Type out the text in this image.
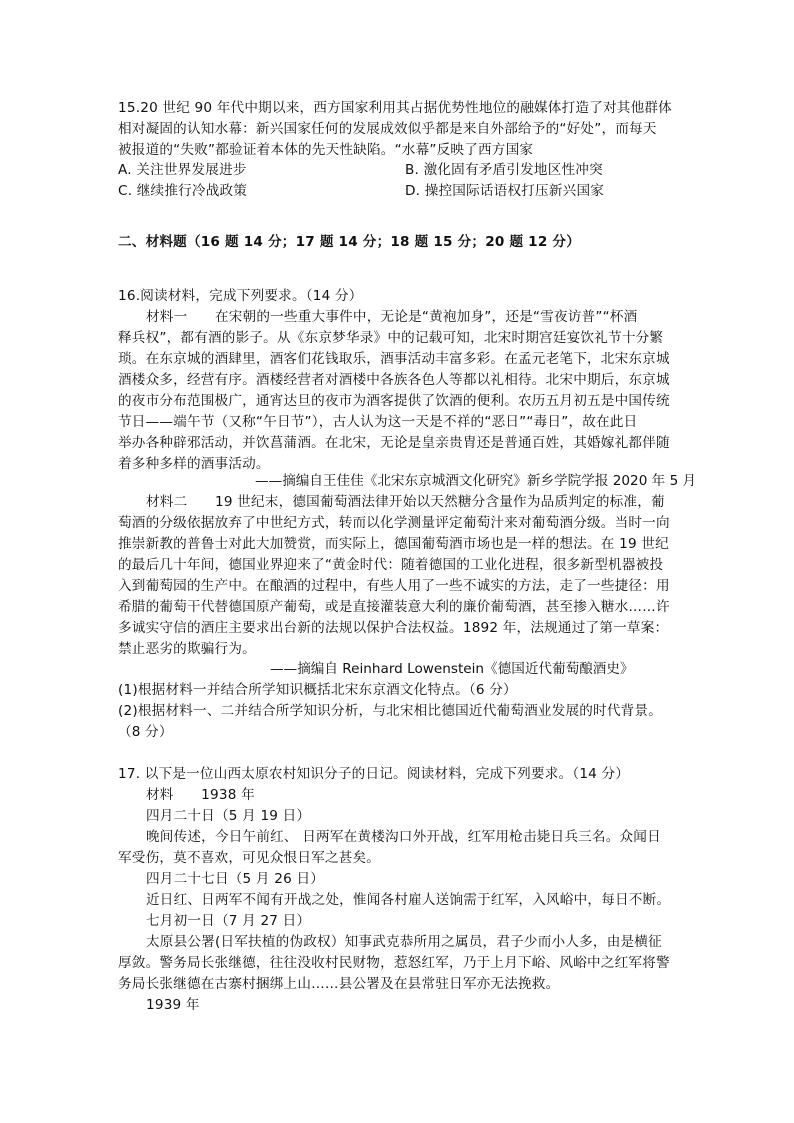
15.20 世纪 90 年代中期以来，西方国家利用其占据优势性地位的融媒体打造了对其他群体
相对凝固的认知水幕：新兴国家任何的发展成效似乎都是来自外部给予的“好处”，而每天
被报道的“失败”都验证着本体的先天性缺陷。“水幕”反映了西方国家
A. 关注世界发展进步	B. 激化固有矛盾引发地区性冲突
C. 继续推行冷战政策	D. 操控国际话语权打压新兴国家
二、材料题（16 题 14 分；17 题 14 分；18 题 15 分；20 题 12 分）
16.阅读材料，完成下列要求。（14 分）
材料一　　在宋朝的一些重大事件中，无论是“黄袍加身”，还是“雪夜访普”“杯酒
释兵权”，都有酒的影子。从《东京梦华录》中的记载可知，北宋时期宫廷宴饮礼节十分繁
琐。在东京城的酒肆里，酒客们花钱取乐，酒事活动丰富多彩。在孟元老笔下，北宋东京城
酒楼众多，经营有序。酒楼经营者对酒楼中各族各色人等都以礼相待。北宋中期后，东京城
的夜市分布范围极广，通宵达旦的夜市为酒客提供了饮酒的便利。农历五月初五是中国传统
节日——端午节（又称“午日节”），古人认为这一天是不祥的“恶日”“毒日”，故在此日
举办各种辟邪活动，并饮菖蒲酒。在北宋，无论是皇亲贵胄还是普通百姓，其婚嫁礼都伴随
着多种多样的酒事活动。
——摘编自王佳佳《北宋东京城酒文化研究》新乡学院学报 2020 年 5 月
材料二　　19 世纪末，德国葡萄酒法律开始以天然糖分含量作为品质判定的标准，葡
萄酒的分级依据放弃了中世纪方式，转而以化学测量评定葡萄汁来对葡萄酒分级。当时一向
推崇新教的普鲁士对此大加赞赏，而实际上，德国葡萄酒市场也是一样的想法。在 19 世纪
的最后几十年间，德国业界迎来了“黄金时代：随着德国的工业化进程，很多新型机器被投
入到葡萄园的生产中。在酿酒的过程中，有些人用了一些不诚实的方法，走了一些捷径：用
希腊的葡萄干代替德国原产葡萄，或是直接灌装意大利的廉价葡萄酒，甚至掺入糖水……许
多诚实守信的酒庄主要求出台新的法规以保护合法权益。1892 年，法规通过了第一草案：
禁止恶劣的欺骗行为。
——摘编自 Reinhard Lowenstein《德国近代葡萄酿酒史》
(1)根据材料一并结合所学知识概括北宋东京酒文化特点。（6 分）
(2)根据材料一、二并结合所学知识分析，与北宋相比德国近代葡萄酒业发展的时代背景。
（8 分）
17. 以下是一位山西太原农村知识分子的日记。阅读材料，完成下列要求。（14 分）
材料　　1938 年
四月二十日（5 月 19 日）
晚间传述，今日午前红、 日两军在黄楼沟口外开战，红军用枪击毙日兵三名。众闻日
军受伤，莫不喜欢，可见众恨日军之甚矣。
四月二十七日（5 月 26 日）
近日红、日两军不闻有开战之处，惟闻各村雇人送饷需于红军，入风峪中，每日不断。
七月初一日（7 月 27 日）
太原县公署(日军扶植的伪政权）知事武克恭所用之属员，君子少而小人多，由是横征
厚敛。警务局长张继德，往往没收村民财物，惹怒红军，乃于上月下峪、风峪中之红军将警
务局长张继德在古寨村捆绑上山……县公署及在县常驻日军亦无法挽救。
1939 年
